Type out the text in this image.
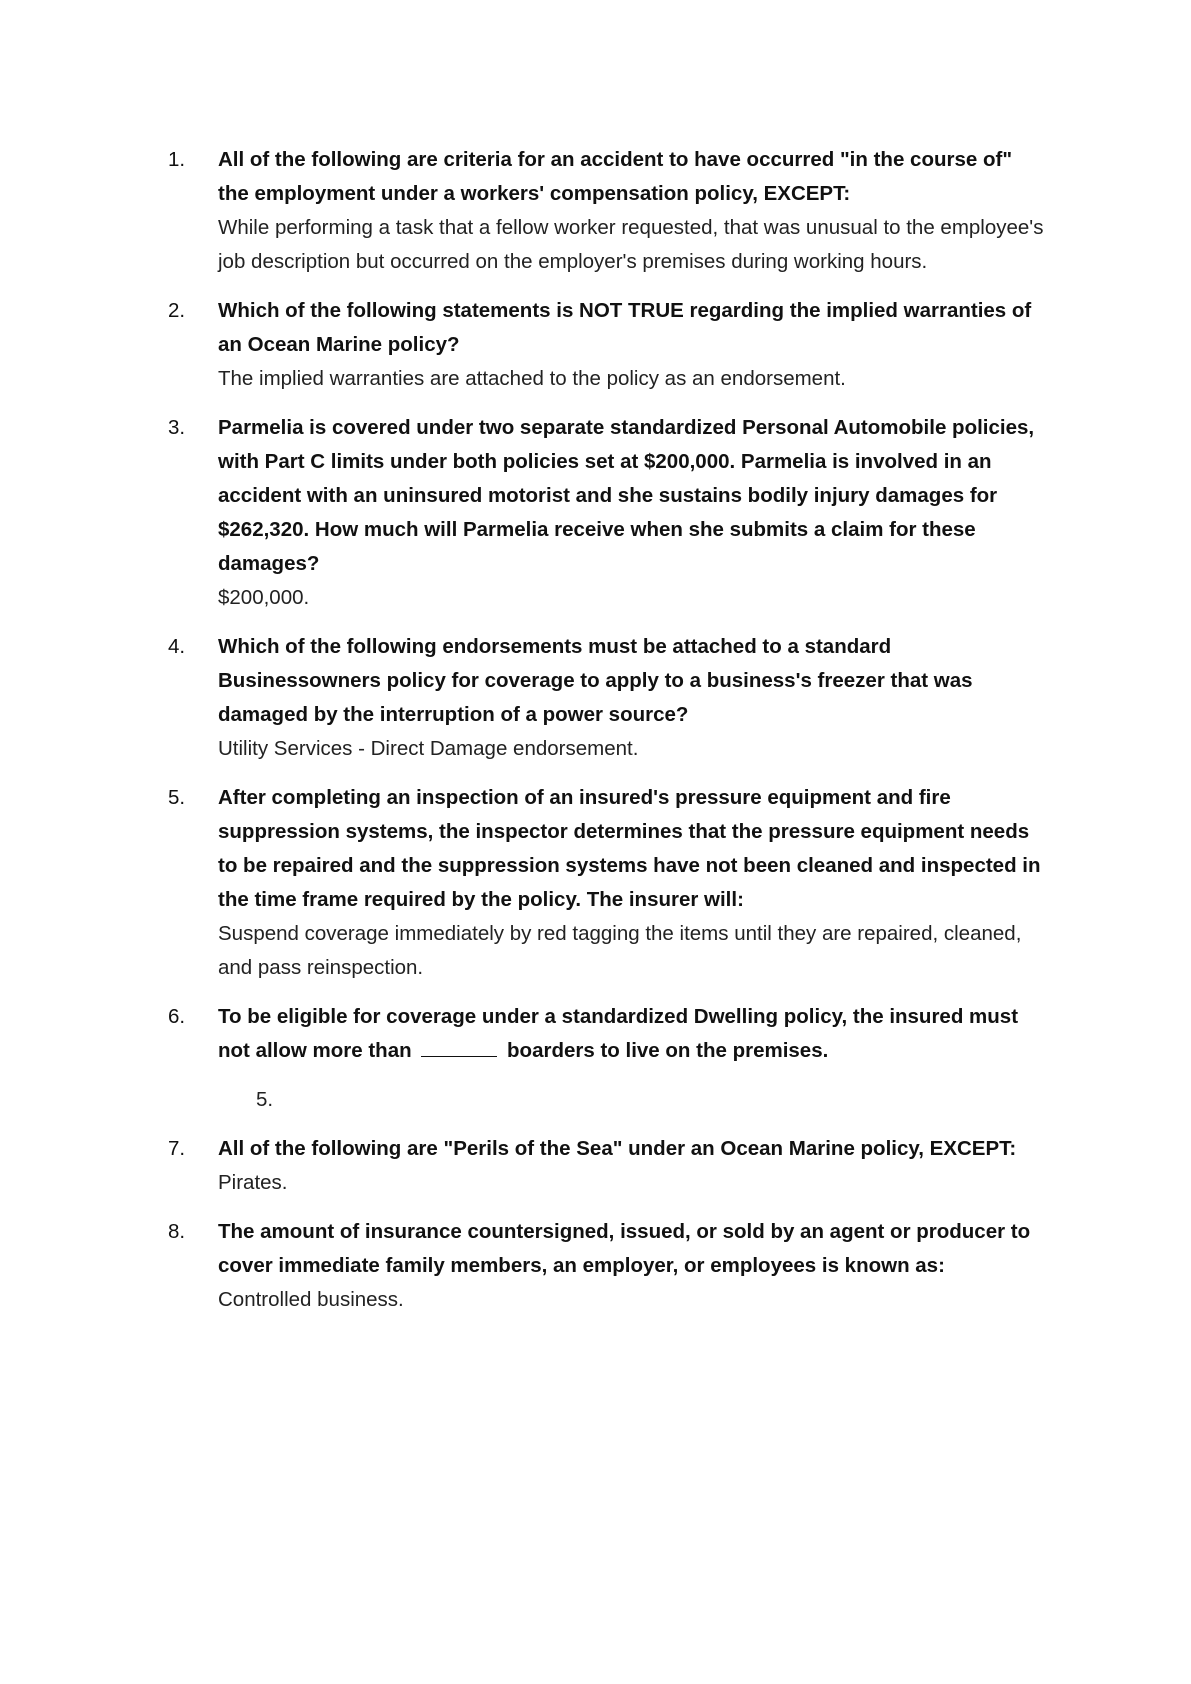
1.	All of the following are criteria for an accident to have occurred "in the course of" the employment under a workers' compensation policy, EXCEPT:

While performing a task that a fellow worker requested, that was unusual to the employee's job description but occurred on the employer's premises during working hours.

2.	Which of the following statements is NOT TRUE regarding the implied warranties of an Ocean Marine policy?

The implied warranties are attached to the policy as an endorsement.

3.	Parmelia is covered under two separate standardized Personal Automobile policies, with Part C limits under both policies set at $200,000. Parmelia is involved in an accident with an uninsured motorist and she sustains bodily injury damages for $262,320. How much will Parmelia receive when she submits a claim for these damages?

$200,000.

4.	Which of the following endorsements must be attached to a standard Businessowners policy for coverage to apply to a business's freezer that was damaged by the interruption of a power source?

Utility Services - Direct Damage endorsement.

5.	After completing an inspection of an insured's pressure equipment and fire suppression systems, the inspector determines that the pressure equipment needs to be repaired and the suppression systems have not been cleaned and inspected in the time frame required by the policy. The insurer will:

Suspend coverage immediately by red tagging the items until they are repaired, cleaned, and pass reinspection.

6.	To be eligible for coverage under a standardized Dwelling policy, the insured must not allow more than	boarders to live on the premises.

5.

7.	All of the following are "Perils of the Sea" under an Ocean Marine policy, EXCEPT:

Pirates.

8.	The amount of insurance countersigned, issued, or sold by an agent or producer to cover immediate family members, an employer, or employees is known as:

Controlled business.
